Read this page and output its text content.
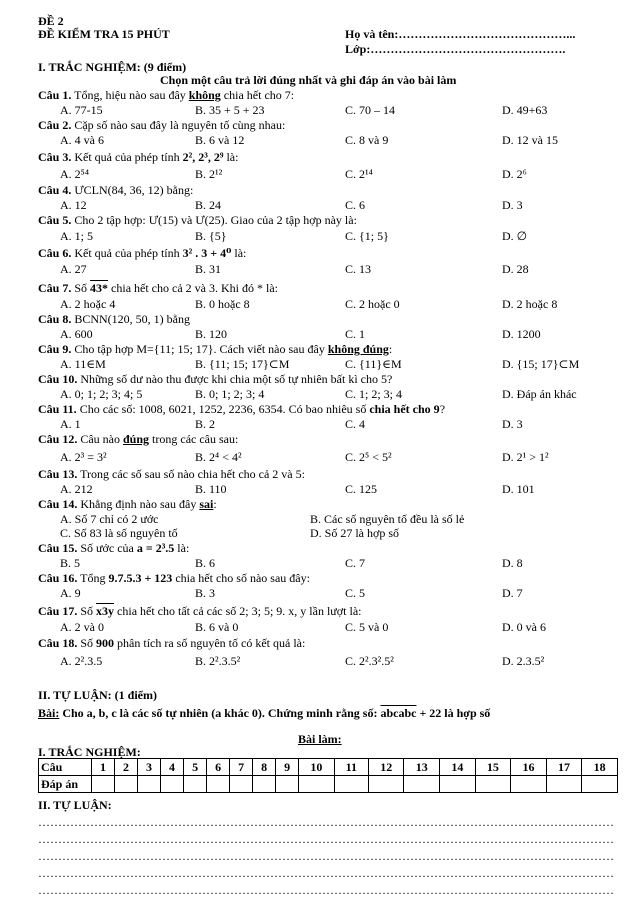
ĐỀ 2
ĐỀ KIỂM TRA 15 PHÚT	Họ và tên:……………………………………...
Lớp:………………………………………….
I. TRẮC NGHIỆM: (9 điểm)
Chọn một câu trả lời đúng nhất và ghi đáp án vào bài làm
Câu 1. Tổng, hiệu nào sau đây không chia hết cho 7:
A. 77-15	B. 35 + 5 + 23	C. 70 – 14	D. 49+63
Câu 2. Cặp số nào sau đây là nguyên tố cùng nhau:
A. 4 và 6	B. 6 và 12	C. 8 và 9	D. 12 và 15
Câu 3. Kết quả của phép tính 2², 2³, 2⁹ là:
A. 2⁵⁴	B. 2¹²	C. 2¹⁴	D. 2⁶
Câu 4. ƯCLN(84, 36, 12) bằng:
A. 12	B. 24	C. 6	D. 3
Câu 5. Cho 2 tập hợp: Ư(15) và Ư(25). Giao của 2 tập hợp này là:
A. 1; 5	B. {5}	C. {1; 5}	D. ∅
Câu 6. Kết quả của phép tính 3² . 3 + 4⁰ là:
A. 27	B. 31	C. 13	D. 28
Câu 7. Số 43* chia hết cho cả 2 và 3. Khi đó * là:
A. 2 hoặc 4	B. 0 hoặc 8	C. 2 hoặc 0	D. 2 hoặc 8
Câu 8. BCNN(120, 50, 1) bằng
A. 600	B. 120	C. 1	D. 1200
Câu 9. Cho tập hợp M={11; 15; 17}. Cách viết nào sau đây không đúng:
A. 11∈M	B. {11; 15; 17}⊂M	C. {11}∈M	D. {15; 17}⊂M
Câu 10. Những số dư nào thu được khi chia một số tự nhiên bất kì cho 5?
A. 0; 1; 2; 3; 4; 5	B. 0; 1; 2; 3; 4	C. 1; 2; 3; 4	D. Đáp án khác
Câu 11. Cho các số: 1008, 6021, 1252, 2236, 6354. Có bao nhiêu số chia hết cho 9?
A. 1	B. 2	C. 4	D. 3
Câu 12. Câu nào đúng trong các câu sau:
A. 2³ = 3²	B. 2⁴ < 4²	C. 2⁵ < 5²	D. 2¹ > 1²
Câu 13. Trong các số sau số nào chia hết cho cả 2 và 5:
A. 212	B. 110	C. 125	D. 101
Câu 14. Khẳng định nào sau đây sai:
A. Số 7 chỉ có 2 ước	B. Các số nguyên tố đều là số lẻ
C. Số 83 là số nguyên tố	D. Số 27 là hợp số
Câu 15. Số ước của a = 2³.5 là:
B. 5	B. 6	C. 7	D. 8
Câu 16. Tổng 9.7.5.3 + 123 chia hết cho số nào sau đây:
A. 9	B. 3	C. 5	D. 7
Câu 17. Số x3y chia hết cho tất cả các số 2; 3; 5; 9. x, y lần lượt là:
A. 2 và 0	B. 6 và 0	C. 5 và 0	D. 0 và 6
Câu 18. Số 900 phân tích ra số nguyên tố có kết quả là:
A. 2².3.5	B. 2².3.5²	C. 2².3².5²	D. 2.3.5²
II. TỰ LUẬN: (1 điểm)
Bài: Cho a, b, c là các số tự nhiên (a khác 0). Chứng minh rằng số: abcabc + 22 là hợp số
Bài làm:
I. TRẮC NGHIỆM:
Câu	1	2	3	4	5	6	7	8	9	10	11	12	13	14	15	16	17	18
Đáp án																		
II. TỰ LUẬN:
………………………………………………………………………………………………………………………………
………………………………………………………………………………………………………………………………
………………………………………………………………………………………………………………………………
………………………………………………………………………………………………………………………………
………………………………………………………………………………………………………………………………
